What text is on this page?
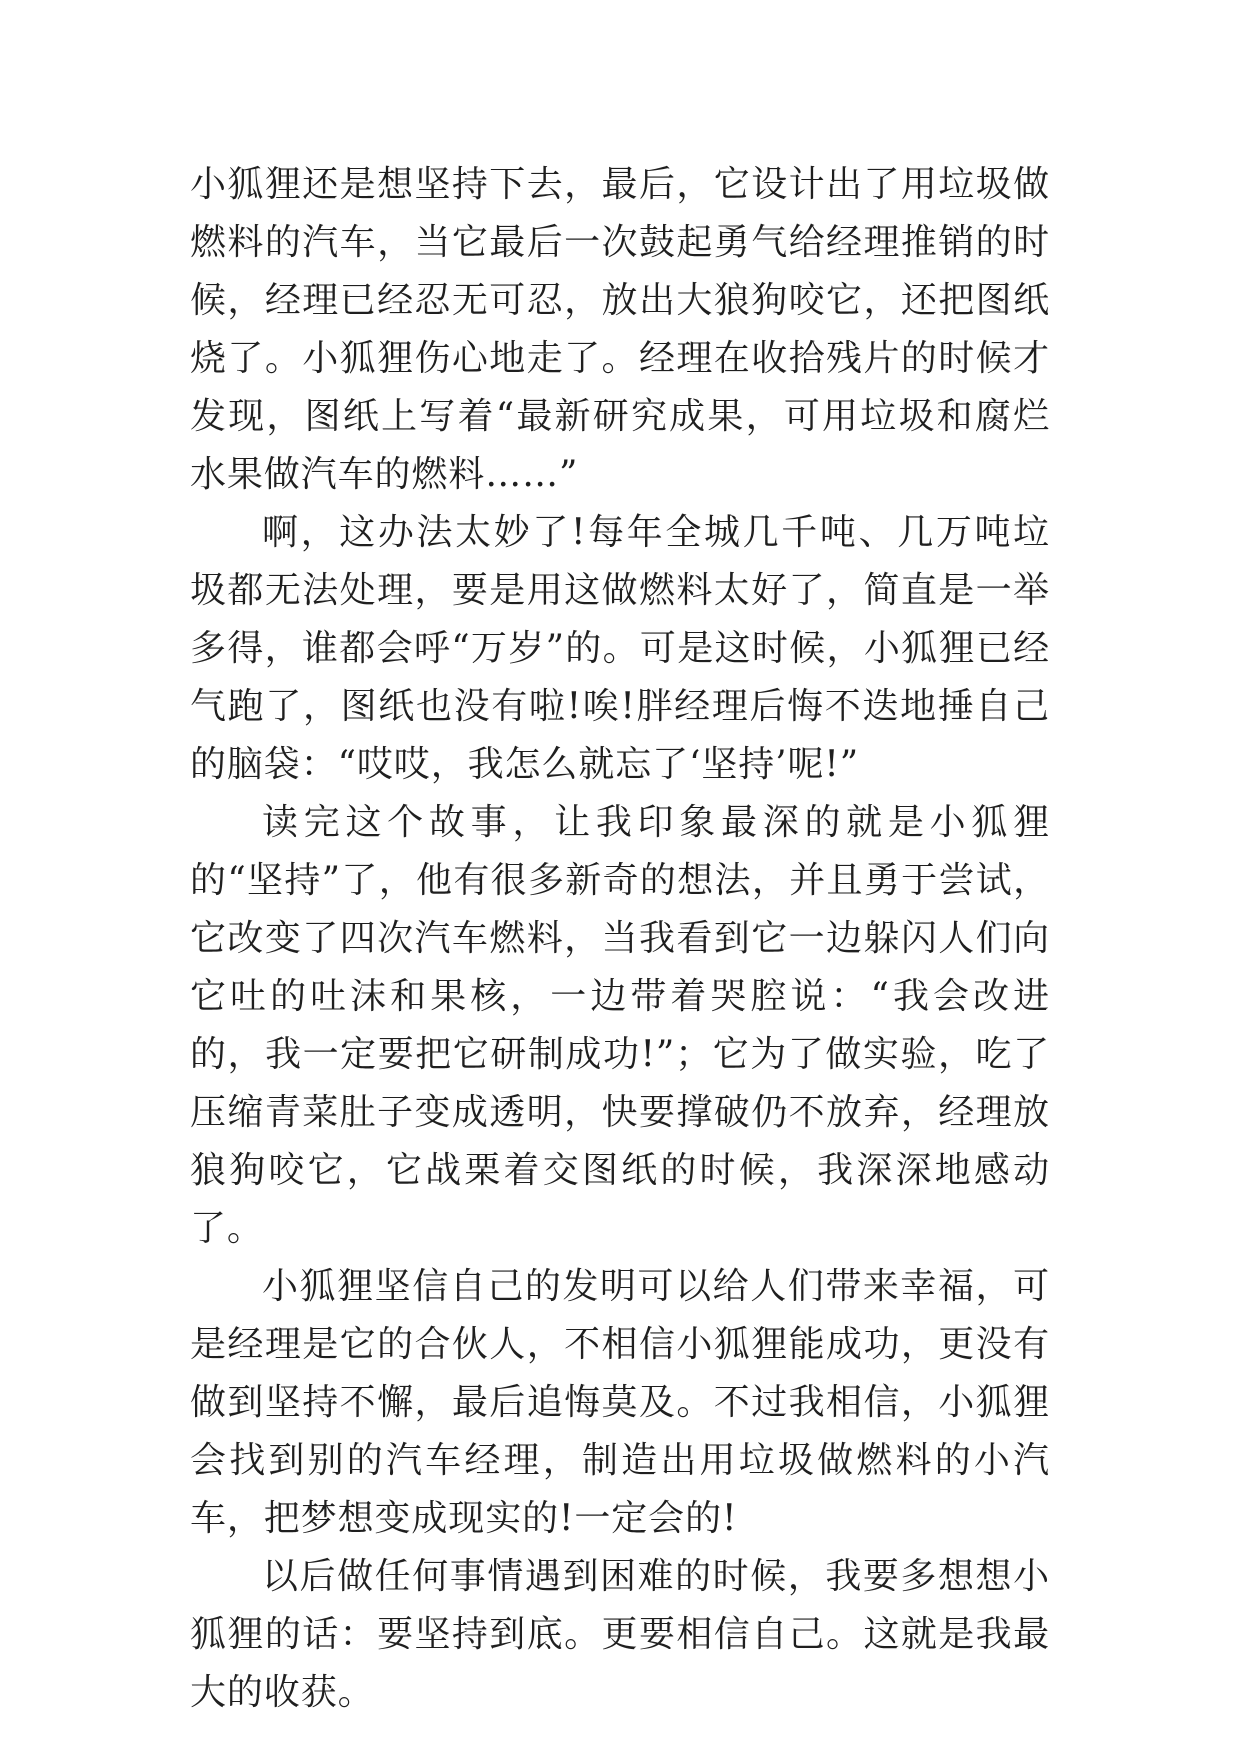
小狐狸还是想坚持下去，最后，它设计出了用垃圾做燃料的汽车，当它最后一次鼓起勇气给经理推销的时候，经理已经忍无可忍，放出大狼狗咬它，还把图纸烧了。小狐狸伤心地走了。经理在收拾残片的时候才发现，图纸上写着“最新研究成果，可用垃圾和腐烂水果做汽车的燃料……”

啊，这办法太妙了!每年全城几千吨、几万吨垃圾都无法处理，要是用这做燃料太好了，简直是一举多得，谁都会呼“万岁”的。可是这时候，小狐狸已经气跑了，图纸也没有啦!唉!胖经理后悔不迭地捶自己的脑袋：“哎哎，我怎么就忘了‘坚持’呢!”

读完这个故事，让我印象最深的就是小狐狸的“坚持”了，他有很多新奇的想法，并且勇于尝试，它改变了四次汽车燃料，当我看到它一边躲闪人们向它吐的吐沫和果核，一边带着哭腔说：“我会改进的，我一定要把它研制成功!”；它为了做实验，吃了压缩青菜肚子变成透明，快要撑破仍不放弃，经理放狼狗咬它，它战栗着交图纸的时候，我深深地感动了。

小狐狸坚信自己的发明可以给人们带来幸福，可是经理是它的合伙人，不相信小狐狸能成功，更没有做到坚持不懈，最后追悔莫及。不过我相信，小狐狸会找到别的汽车经理，制造出用垃圾做燃料的小汽车，把梦想变成现实的!一定会的!

以后做任何事情遇到困难的时候，我要多想想小狐狸的话：要坚持到底。更要相信自己。这就是我最大的收获。
